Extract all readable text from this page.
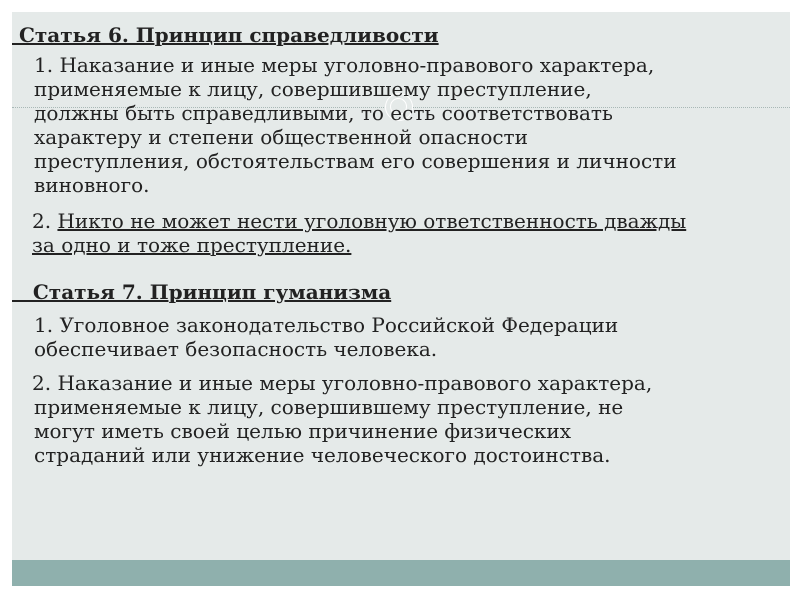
Статья 6. Принцип справедливости

1. Наказание и иные меры уголовно-правового характера,
применяемые к лицу, совершившему преступление,
должны быть справедливыми, то есть соответствовать
характеру и степени общественной опасности
преступления, обстоятельствам его совершения и личности
виновного.
2. Никто не может нести уголовную ответственность дважды
за одно и тоже преступление.

Статья 7. Принцип гуманизма

1. Уголовное законодательство Российской Федерации
обеспечивает безопасность человека.
2. Наказание и иные меры уголовно-правового характера,
применяемые к лицу, совершившему преступление, не
могут иметь своей целью причинение физических
страданий или унижение человеческого достоинства.
